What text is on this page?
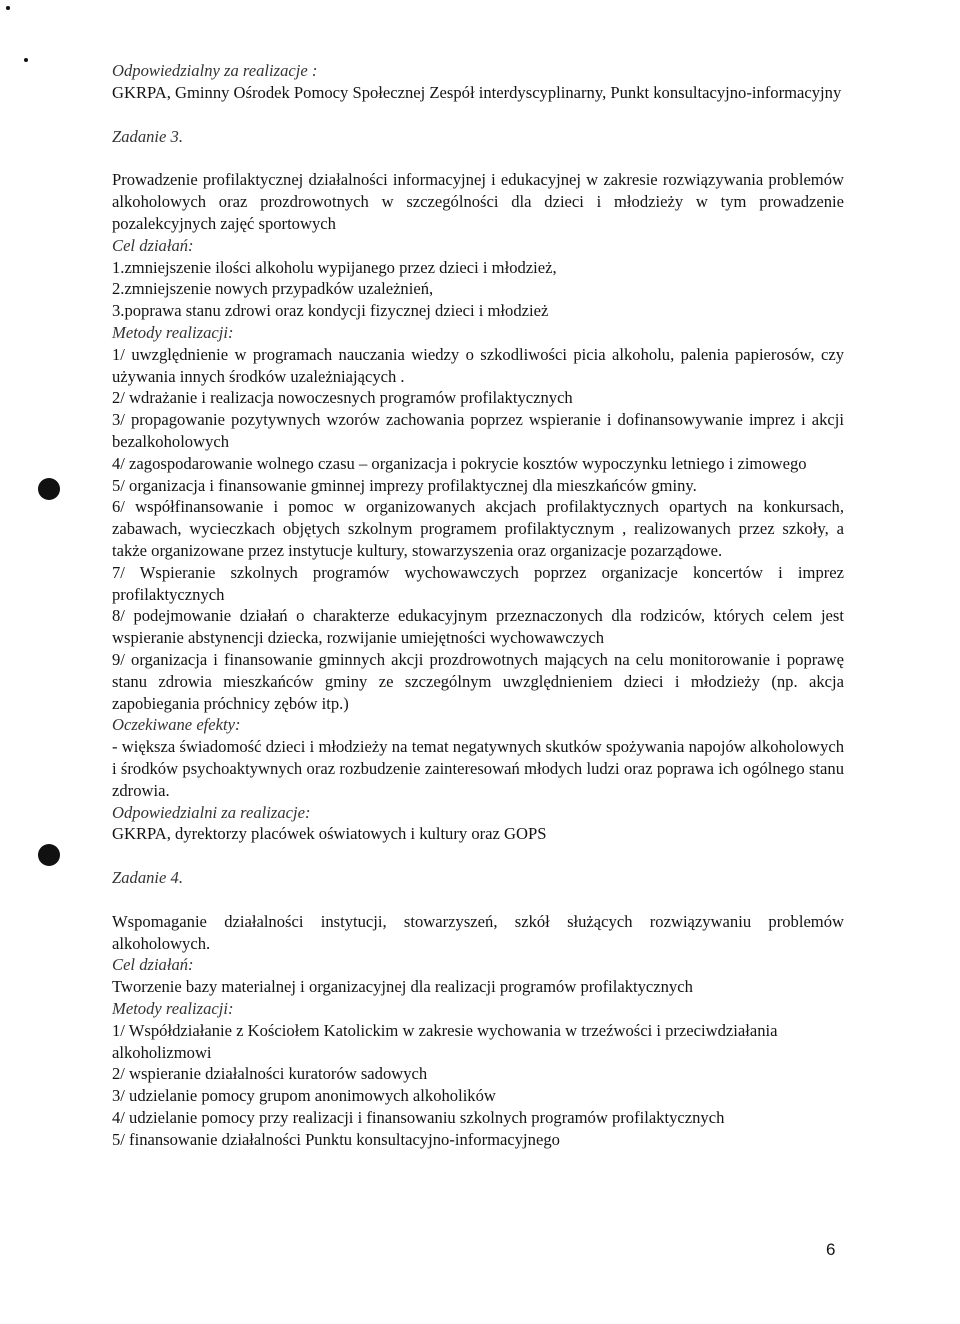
Odpowiedzialny za realizacje :

GKRPA, Gminny Ośrodek Pomocy Społecznej Zespół interdyscyplinarny, Punkt konsultacyjno-informacyjny

Zadanie 3.

Prowadzenie profilaktycznej działalności informacyjnej i edukacyjnej w zakresie rozwiązywania problemów alkoholowych oraz prozdrowotnych w szczególności dla dzieci i młodzieży w tym prowadzenie pozalekcyjnych zajęć sportowych

Cel działań:

1.zmniejszenie ilości alkoholu wypijanego przez dzieci i młodzież,

2.zmniejszenie nowych przypadków uzależnień,

3.poprawa stanu zdrowi oraz kondycji fizycznej dzieci i młodzież

Metody realizacji:

1/ uwzględnienie w programach nauczania wiedzy o szkodliwości picia alkoholu, palenia papierosów, czy używania innych środków uzależniających .

2/ wdrażanie i realizacja nowoczesnych programów profilaktycznych

3/ propagowanie pozytywnych wzorów zachowania poprzez wspieranie i dofinansowywanie imprez i akcji bezalkoholowych

4/ zagospodarowanie wolnego czasu – organizacja i pokrycie kosztów wypoczynku letniego i zimowego

5/ organizacja i finansowanie gminnej imprezy profilaktycznej dla mieszkańców gminy.

6/ współfinansowanie i pomoc w organizowanych akcjach profilaktycznych opartych na konkursach, zabawach, wycieczkach objętych szkolnym programem profilaktycznym , realizowanych przez szkoły, a także organizowane przez instytucje kultury, stowarzyszenia oraz organizacje pozarządowe.

7/ Wspieranie szkolnych programów wychowawczych poprzez organizacje koncertów i imprez profilaktycznych

8/ podejmowanie działań o charakterze edukacyjnym przeznaczonych dla rodziców, których celem jest wspieranie abstynencji dziecka, rozwijanie umiejętności wychowawczych

9/ organizacja i finansowanie gminnych akcji prozdrowotnych mających na celu monitorowanie i poprawę stanu zdrowia mieszkańców gminy ze szczególnym uwzględnieniem dzieci i młodzieży (np. akcja zapobiegania próchnicy zębów itp.)

Oczekiwane efekty:

- większa świadomość dzieci i młodzieży na temat negatywnych skutków spożywania napojów alkoholowych i środków psychoaktywnych oraz rozbudzenie zainteresowań młodych ludzi oraz poprawa ich ogólnego stanu zdrowia.

Odpowiedzialni za realizacje:

GKRPA, dyrektorzy placówek oświatowych i kultury oraz GOPS

Zadanie 4.

Wspomaganie działalności instytucji, stowarzyszeń, szkół służących rozwiązywaniu problemów alkoholowych.

Cel działań:

Tworzenie bazy materialnej i organizacyjnej dla realizacji programów profilaktycznych

Metody realizacji:

1/ Współdziałanie z Kościołem Katolickim w zakresie wychowania w trzeźwości i przeciwdziałania alkoholizmowi

2/ wspieranie działalności kuratorów sadowych

3/ udzielanie pomocy grupom anonimowych alkoholików

4/ udzielanie pomocy przy realizacji i finansowaniu szkolnych programów profilaktycznych

5/ finansowanie działalności Punktu konsultacyjno-informacyjnego

6
